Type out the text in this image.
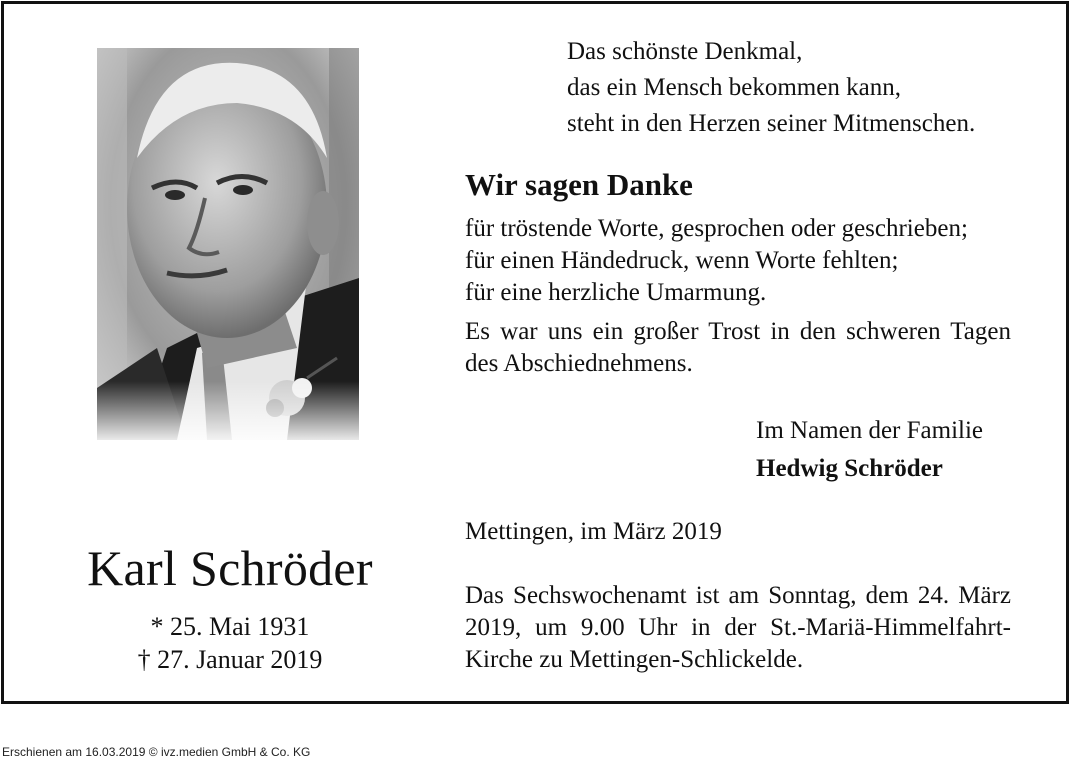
Karl Schröder
* 25. Mai 1931
† 27. Januar 2019
Das schönste Denkmal,
das ein Mensch bekommen kann,
steht in den Herzen seiner Mitmenschen.
Wir sagen Danke
für tröstende Worte, gesprochen oder geschrieben;
für einen Händedruck, wenn Worte fehlten;
für eine herzliche Umarmung.
Es war uns ein großer Trost in den schweren Tagen des Abschiednehmens.
Im Namen der Familie
Hedwig Schröder
Mettingen, im März 2019
Das Sechswochenamt ist am Sonntag, dem 24. März 2019, um 9.00 Uhr in der St.-Mariä-Himmelfahrt-Kirche zu Mettingen-Schlickelde.
Erschienen am 16.03.2019 © ivz.medien GmbH & Co. KG
